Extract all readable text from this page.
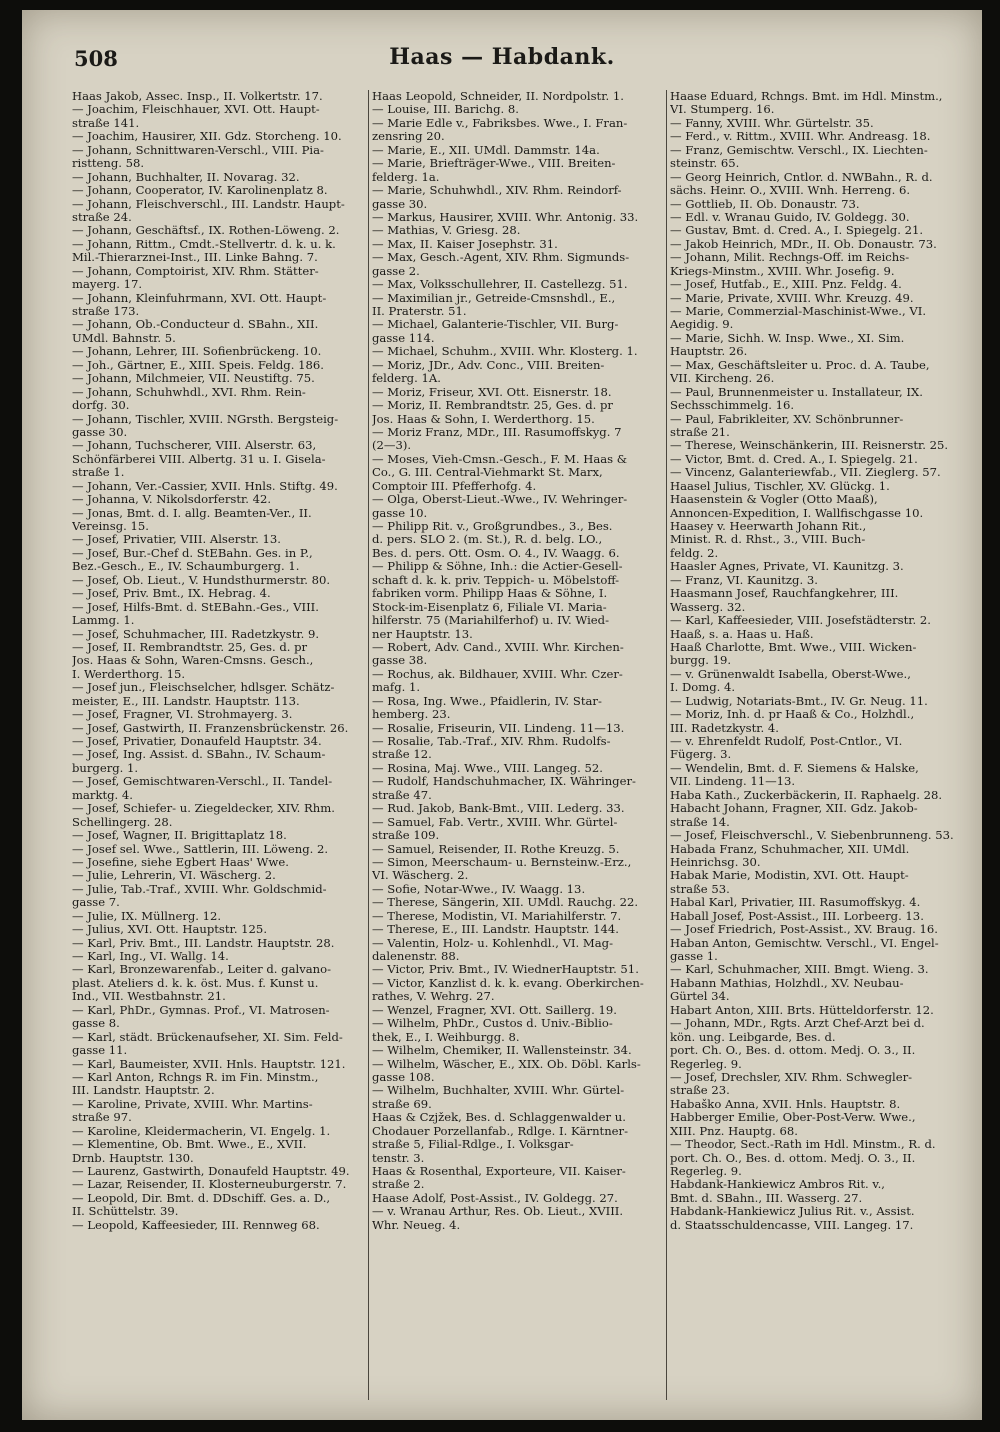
508	Haas — Habdank.
Haas Jakob, Assec. Insp., II. Volkertstr. 17.
— Joachim, Fleischhauer, XVI. Ott. Haupt-
straße 141.
— Joachim, Hausirer, XII. Gdz. Storcheng. 10.
— Johann, Schnittwaren-Verschl., VIII. Pia-
ristteng. 58.
— Johann, Buchhalter, II. Novarag. 32.
— Johann, Cooperator, IV. Karolinenplatz 8.
— Johann, Fleischverschl., III. Landstr. Haupt-
straße 24.
— Johann, Geschäftsf., IX. Rothen-Löweng. 2.
— Johann, Rittm., Cmdt.-Stellvertr. d. k. u. k.
Mil.-Thierarznei-Inst., III. Linke Bahng. 7.
— Johann, Comptoirist, XIV. Rhm. Stätter-
mayerg. 17.
— Johann, Kleinfuhrmann, XVI. Ott. Haupt-
straße 173.
— Johann, Ob.-Conducteur d. SBahn., XII.
UMdl. Bahnstr. 5.
— Johann, Lehrer, III. Sofienbrückeng. 10.
— Joh., Gärtner, E., XIII. Speis. Feldg. 186.
— Johann, Milchmeier, VII. Neustiftg. 75.
— Johann, Schuhwhdl., XVI. Rhm. Rein-
dorfg. 30.
— Johann, Tischler, XVIII. NGrsth. Bergsteig-
gasse 30.
— Johann, Tuchscherer, VIII. Alserstr. 63,
Schönfärberei VIII. Albertg. 31 u. I. Gisela-
straße 1.
— Johann, Ver.-Cassier, XVII. Hnls. Stiftg. 49.
— Johanna, V. Nikolsdorferstr. 42.
— Jonas, Bmt. d. I. allg. Beamten-Ver., II.
Vereinsg. 15.
— Josef, Privatier, VIII. Alserstr. 13.
— Josef, Bur.-Chef d. StEBahn. Ges. in P.,
Bez.-Gesch., E., IV. Schaumburgerg. 1.
— Josef, Ob. Lieut., V. Hundsthurmerstr. 80.
— Josef, Priv. Bmt., IX. Hebrag. 4.
— Josef, Hilfs-Bmt. d. StEBahn.-Ges., VIII.
Lammg. 1.
— Josef, Schuhmacher, III. Radetzkystr. 9.
— Josef, II. Rembrandtstr. 25, Ges. d. pr
Jos. Haas & Sohn, Waren-Cmsns. Gesch.,
I. Werderthorg. 15.
— Josef jun., Fleischselcher, hdlsger. Schätz-
meister, E., III. Landstr. Hauptstr. 113.
— Josef, Fragner, VI. Strohmayerg. 3.
— Josef, Gastwirth, II. Franzensbrückenstr. 26.
— Josef, Privatier, Donaufeld Hauptstr. 34.
— Josef, Ing. Assist. d. SBahn., IV. Schaum-
burgerg. 1.
— Josef, Gemischtwaren-Verschl., II. Tandel-
marktg. 4.
— Josef, Schiefer- u. Ziegeldecker, XIV. Rhm.
Schellingerg. 28.
— Josef, Wagner, II. Brigittaplatz 18.
— Josef sel. Wwe., Sattlerin, III. Löweng. 2.
— Josefine, siehe Egbert Haas' Wwe.
— Julie, Lehrerin, VI. Wäscherg. 2.
— Julie, Tab.-Traf., XVIII. Whr. Goldschmid-
gasse 7.
— Julie, IX. Müllnerg. 12.
— Julius, XVI. Ott. Hauptstr. 125.
— Karl, Priv. Bmt., III. Landstr. Hauptstr. 28.
— Karl, Ing., VI. Wallg. 14.
— Karl, Bronzewarenfab., Leiter d. galvano-
plast. Ateliers d. k. k. öst. Mus. f. Kunst u.
Ind., VII. Westbahnstr. 21.
— Karl, PhDr., Gymnas. Prof., VI. Matrosen-
gasse 8.
— Karl, städt. Brückenaufseher, XI. Sim. Feld-
gasse 11.
— Karl, Baumeister, XVII. Hnls. Hauptstr. 121.
— Karl Anton, Rchngs R. im Fin. Minstm.,
III. Landstr. Hauptstr. 2.
— Karoline, Private, XVIII. Whr. Martins-
straße 97.
— Karoline, Kleidermacherin, VI. Engelg. 1.
— Klementine, Ob. Bmt. Wwe., E., XVII.
Drnb. Hauptstr. 130.
— Laurenz, Gastwirth, Donaufeld Hauptstr. 49.
— Lazar, Reisender, II. Klosterneuburgerstr. 7.
— Leopold, Dir. Bmt. d. DDschiff. Ges. a. D.,
II. Schüttelstr. 39.
— Leopold, Kaffeesieder, III. Rennweg 68.
Haas Leopold, Schneider, II. Nordpolstr. 1.
— Louise, III. Barichg. 8.
— Marie Edle v., Fabriksbes. Wwe., I. Fran-
zensring 20.
— Marie, E., XII. UMdl. Dammstr. 14a.
— Marie, Briefträger-Wwe., VIII. Breiten-
felderg. 1a.
— Marie, Schuhwhdl., XIV. Rhm. Reindorf-
gasse 30.
— Markus, Hausirer, XVIII. Whr. Antonig. 33.
— Mathias, V. Griesg. 28.
— Max, II. Kaiser Josephstr. 31.
— Max, Gesch.-Agent, XIV. Rhm. Sigmunds-
gasse 2.
— Max, Volksschullehrer, II. Castellezg. 51.
— Maximilian jr., Getreide-Cmsnshdl., E.,
II. Praterstr. 51.
— Michael, Galanterie-Tischler, VII. Burg-
gasse 114.
— Michael, Schuhm., XVIII. Whr. Klosterg. 1.
— Moriz, JDr., Adv. Conc., VIII. Breiten-
felderg. 1A.
— Moriz, Friseur, XVI. Ott. Eisnerstr. 18.
— Moriz, II. Rembrandtstr. 25, Ges. d. pr
Jos. Haas & Sohn, I. Werderthorg. 15.
— Moriz Franz, MDr., III. Rasumoffskyg. 7
(2—3).
— Moses, Vieh-Cmsn.-Gesch., F. M. Haas &
Co., G. III. Central-Viehmarkt St. Marx,
Comptoir III. Pfefferhofg. 4.
— Olga, Oberst-Lieut.-Wwe., IV. Wehringer-
gasse 10.
— Philipp Rit. v., Großgrundbes., 3., Bes.
d. pers. SLO 2. (m. St.), R. d. belg. LO.,
Bes. d. pers. Ott. Osm. O. 4., IV. Waagg. 6.
— Philipp & Söhne, Inh.: die Actier-Gesell-
schaft d. k. k. priv. Teppich- u. Möbelstoff-
fabriken vorm. Philipp Haas & Söhne, I.
Stock-im-Eisenplatz 6, Filiale VI. Maria-
hilferstr. 75 (Mariahilferhof) u. IV. Wied-
ner Hauptstr. 13.
— Robert, Adv. Cand., XVIII. Whr. Kirchen-
gasse 38.
— Rochus, ak. Bildhauer, XVIII. Whr. Czer-
mafg. 1.
— Rosa, Ing. Wwe., Pfaidlerin, IV. Star-
hemberg. 23.
— Rosalie, Friseurin, VII. Lindeng. 11—13.
— Rosalie, Tab.-Traf., XIV. Rhm. Rudolfs-
straße 12.
— Rosina, Maj. Wwe., VIII. Langeg. 52.
— Rudolf, Handschuhmacher, IX. Währinger-
straße 47.
— Rud. Jakob, Bank-Bmt., VIII. Lederg. 33.
— Samuel, Fab. Vertr., XVIII. Whr. Gürtel-
straße 109.
— Samuel, Reisender, II. Rothe Kreuzg. 5.
— Simon, Meerschaum- u. Bernsteinw.-Erz.,
VI. Wäscherg. 2.
— Sofie, Notar-Wwe., IV. Waagg. 13.
— Therese, Sängerin, XII. UMdl. Rauchg. 22.
— Therese, Modistin, VI. Mariahilferstr. 7.
— Therese, E., III. Landstr. Hauptstr. 144.
— Valentin, Holz- u. Kohlenhdl., VI. Mag-
dalenenstr. 88.
— Victor, Priv. Bmt., IV. WiednerHauptstr. 51.
— Victor, Kanzlist d. k. k. evang. Oberkirchen-
rathes, V. Wehrg. 27.
— Wenzel, Fragner, XVI. Ott. Saillerg. 19.
— Wilhelm, PhDr., Custos d. Univ.-Biblio-
thek, E., I. Weihburgg. 8.
— Wilhelm, Chemiker, II. Wallensteinstr. 34.
— Wilhelm, Wäscher, E., XIX. Ob. Döbl. Karls-
gasse 108.
— Wilhelm, Buchhalter, XVIII. Whr. Gürtel-
straße 69.
Haas & Czjžek, Bes. d. Schlaggenwalder u.
Chodauer Porzellanfab., Rdlge. I. Kärntner-
straße 5, Filial-Rdlge., I. Volksgar-
tenstr. 3.
Haas & Rosenthal, Exporteure, VII. Kaiser-
straße 2.
Haase Adolf, Post-Assist., IV. Goldegg. 27.
— v. Wranau Arthur, Res. Ob. Lieut., XVIII.
Whr. Neueg. 4.
Haase Eduard, Rchngs. Bmt. im Hdl. Minstm.,
VI. Stumperg. 16.
— Fanny, XVIII. Whr. Gürtelstr. 35.
— Ferd., v. Rittm., XVIII. Whr. Andreasg. 18.
— Franz, Gemischtw. Verschl., IX. Liechten-
steinstr. 65.
— Georg Heinrich, Cntlor. d. NWBahn., R. d.
sächs. Heinr. O., XVIII. Wnh. Herreng. 6.
— Gottlieb, II. Ob. Donaustr. 73.
— Edl. v. Wranau Guido, IV. Goldegg. 30.
— Gustav, Bmt. d. Cred. A., I. Spiegelg. 21.
— Jakob Heinrich, MDr., II. Ob. Donaustr. 73.
— Johann, Milit. Rechngs-Off. im Reichs-
Kriegs-Minstm., XVIII. Whr. Josefig. 9.
— Josef, Hutfab., E., XIII. Pnz. Feldg. 4.
— Marie, Private, XVIII. Whr. Kreuzg. 49.
— Marie, Commerzial-Maschinist-Wwe., VI.
Aegidig. 9.
— Marie, Sichh. W. Insp. Wwe., XI. Sim.
Hauptstr. 26.
— Max, Geschäftsleiter u. Proc. d. A. Taube,
VII. Kircheng. 26.
— Paul, Brunnenmeister u. Installateur, IX.
Sechsschimmelg. 16.
— Paul, Fabrikleiter, XV. Schönbrunner-
straße 21.
— Therese, Weinschänkerin, III. Reisnerstr. 25.
— Victor, Bmt. d. Cred. A., I. Spiegelg. 21.
— Vincenz, Galanteriewfab., VII. Zieglerg. 57.
Haasel Julius, Tischler, XV. Glückg. 1.
Haasenstein & Vogler (Otto Maaß),
Annoncen-Expedition, I. Wallfischgasse 10.
Haasey v. Heerwarth Johann Rit.,
Minist. R. d. Rhst., 3., VIII. Buch-
feldg. 2.
Haasler Agnes, Private, VI. Kaunitzg. 3.
— Franz, VI. Kaunitzg. 3.
Haasmann Josef, Rauchfangkehrer, III.
Wasserg. 32.
— Karl, Kaffeesieder, VIII. Josefstädterstr. 2.
Haaß, s. a. Haas u. Haß.
Haaß Charlotte, Bmt. Wwe., VIII. Wicken-
burgg. 19.
— v. Grünenwaldt Isabella, Oberst-Wwe.,
I. Domg. 4.
— Ludwig, Notariats-Bmt., IV. Gr. Neug. 11.
— Moriz, Inh. d. pr Haaß & Co., Holzhdl.,
III. Radetzkystr. 4.
— v. Ehrenfeldt Rudolf, Post-Cntlor., VI.
Fügerg. 3.
— Wendelin, Bmt. d. F. Siemens & Halske,
VII. Lindeng. 11—13.
Haba Kath., Zuckerbäckerin, II. Raphaelg. 28.
Habacht Johann, Fragner, XII. Gdz. Jakob-
straße 14.
— Josef, Fleischverschl., V. Siebenbrunneng. 53.
Habada Franz, Schuhmacher, XII. UMdl.
Heinrichsg. 30.
Habak Marie, Modistin, XVI. Ott. Haupt-
straße 53.
Habal Karl, Privatier, III. Rasumoffskyg. 4.
Haball Josef, Post-Assist., III. Lorbeerg. 13.
— Josef Friedrich, Post-Assist., XV. Braug. 16.
Haban Anton, Gemischtw. Verschl., VI. Engel-
gasse 1.
— Karl, Schuhmacher, XIII. Bmgt. Wieng. 3.
Habann Mathias, Holzhdl., XV. Neubau-
Gürtel 34.
Habart Anton, XIII. Brts. Hütteldorferstr. 12.
— Johann, MDr., Rgts. Arzt Chef-Arzt bei d.
kön. ung. Leibgarde, Bes. d.
port. Ch. O., Bes. d. ottom. Medj. O. 3., II.
Regerleg. 9.
— Josef, Drechsler, XIV. Rhm. Schwegler-
straße 23.
Habaško Anna, XVII. Hnls. Hauptstr. 8.
Habberger Emilie, Ober-Post-Verw. Wwe.,
XIII. Pnz. Hauptg. 68.
— Theodor, Sect.-Rath im Hdl. Minstm., R. d.
port. Ch. O., Bes. d. ottom. Medj. O. 3., II.
Regerleg. 9.
Habdank-Hankiewicz Ambros Rit. v.,
Bmt. d. SBahn., III. Wasserg. 27.
Habdank-Hankiewicz Julius Rit. v., Assist.
d. Staatsschuldencasse, VIII. Langeg. 17.
